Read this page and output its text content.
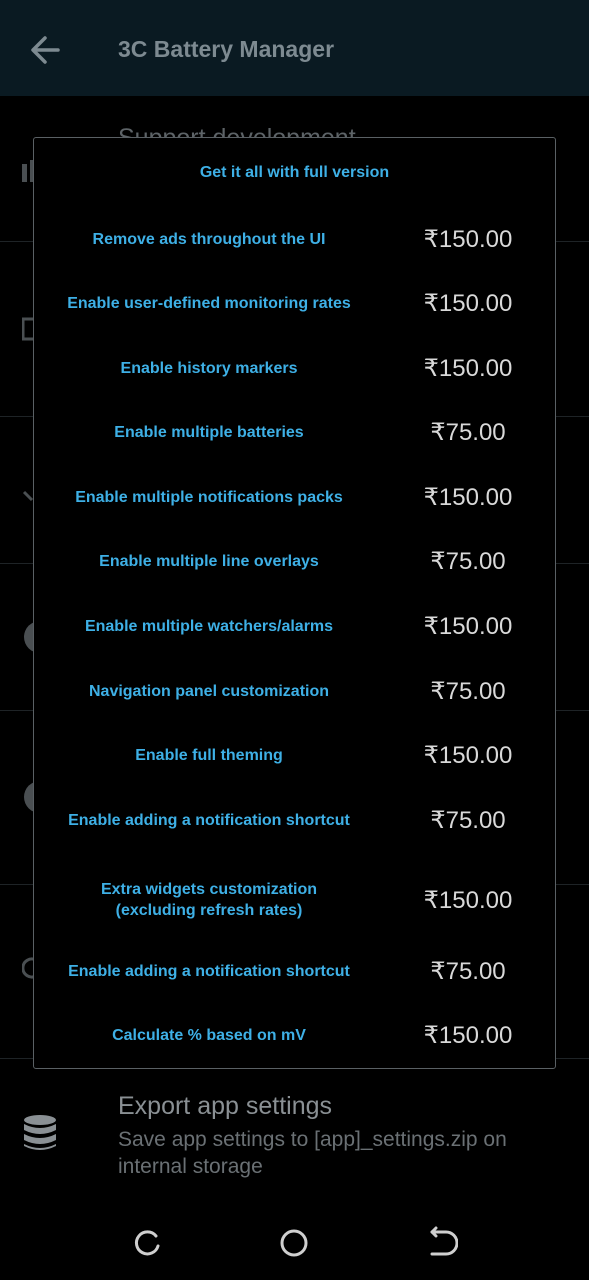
3C Battery Manager
Export app settings
Save app settings to [app]_settings.zip on internal storage
Get it all with full version
Remove ads throughout the UI	₹150.00
Enable user-defined monitoring rates	₹150.00
Enable history markers	₹150.00
Enable multiple batteries	₹75.00
Enable multiple notifications packs	₹150.00
Enable multiple line overlays	₹75.00
Enable multiple watchers/alarms	₹150.00
Navigation panel customization	₹75.00
Enable full theming	₹150.00
Enable adding a notification shortcut	₹75.00
Extra widgets customization
(excluding refresh rates)	₹150.00
Enable adding a notification shortcut	₹75.00
Calculate % based on mV	₹150.00
